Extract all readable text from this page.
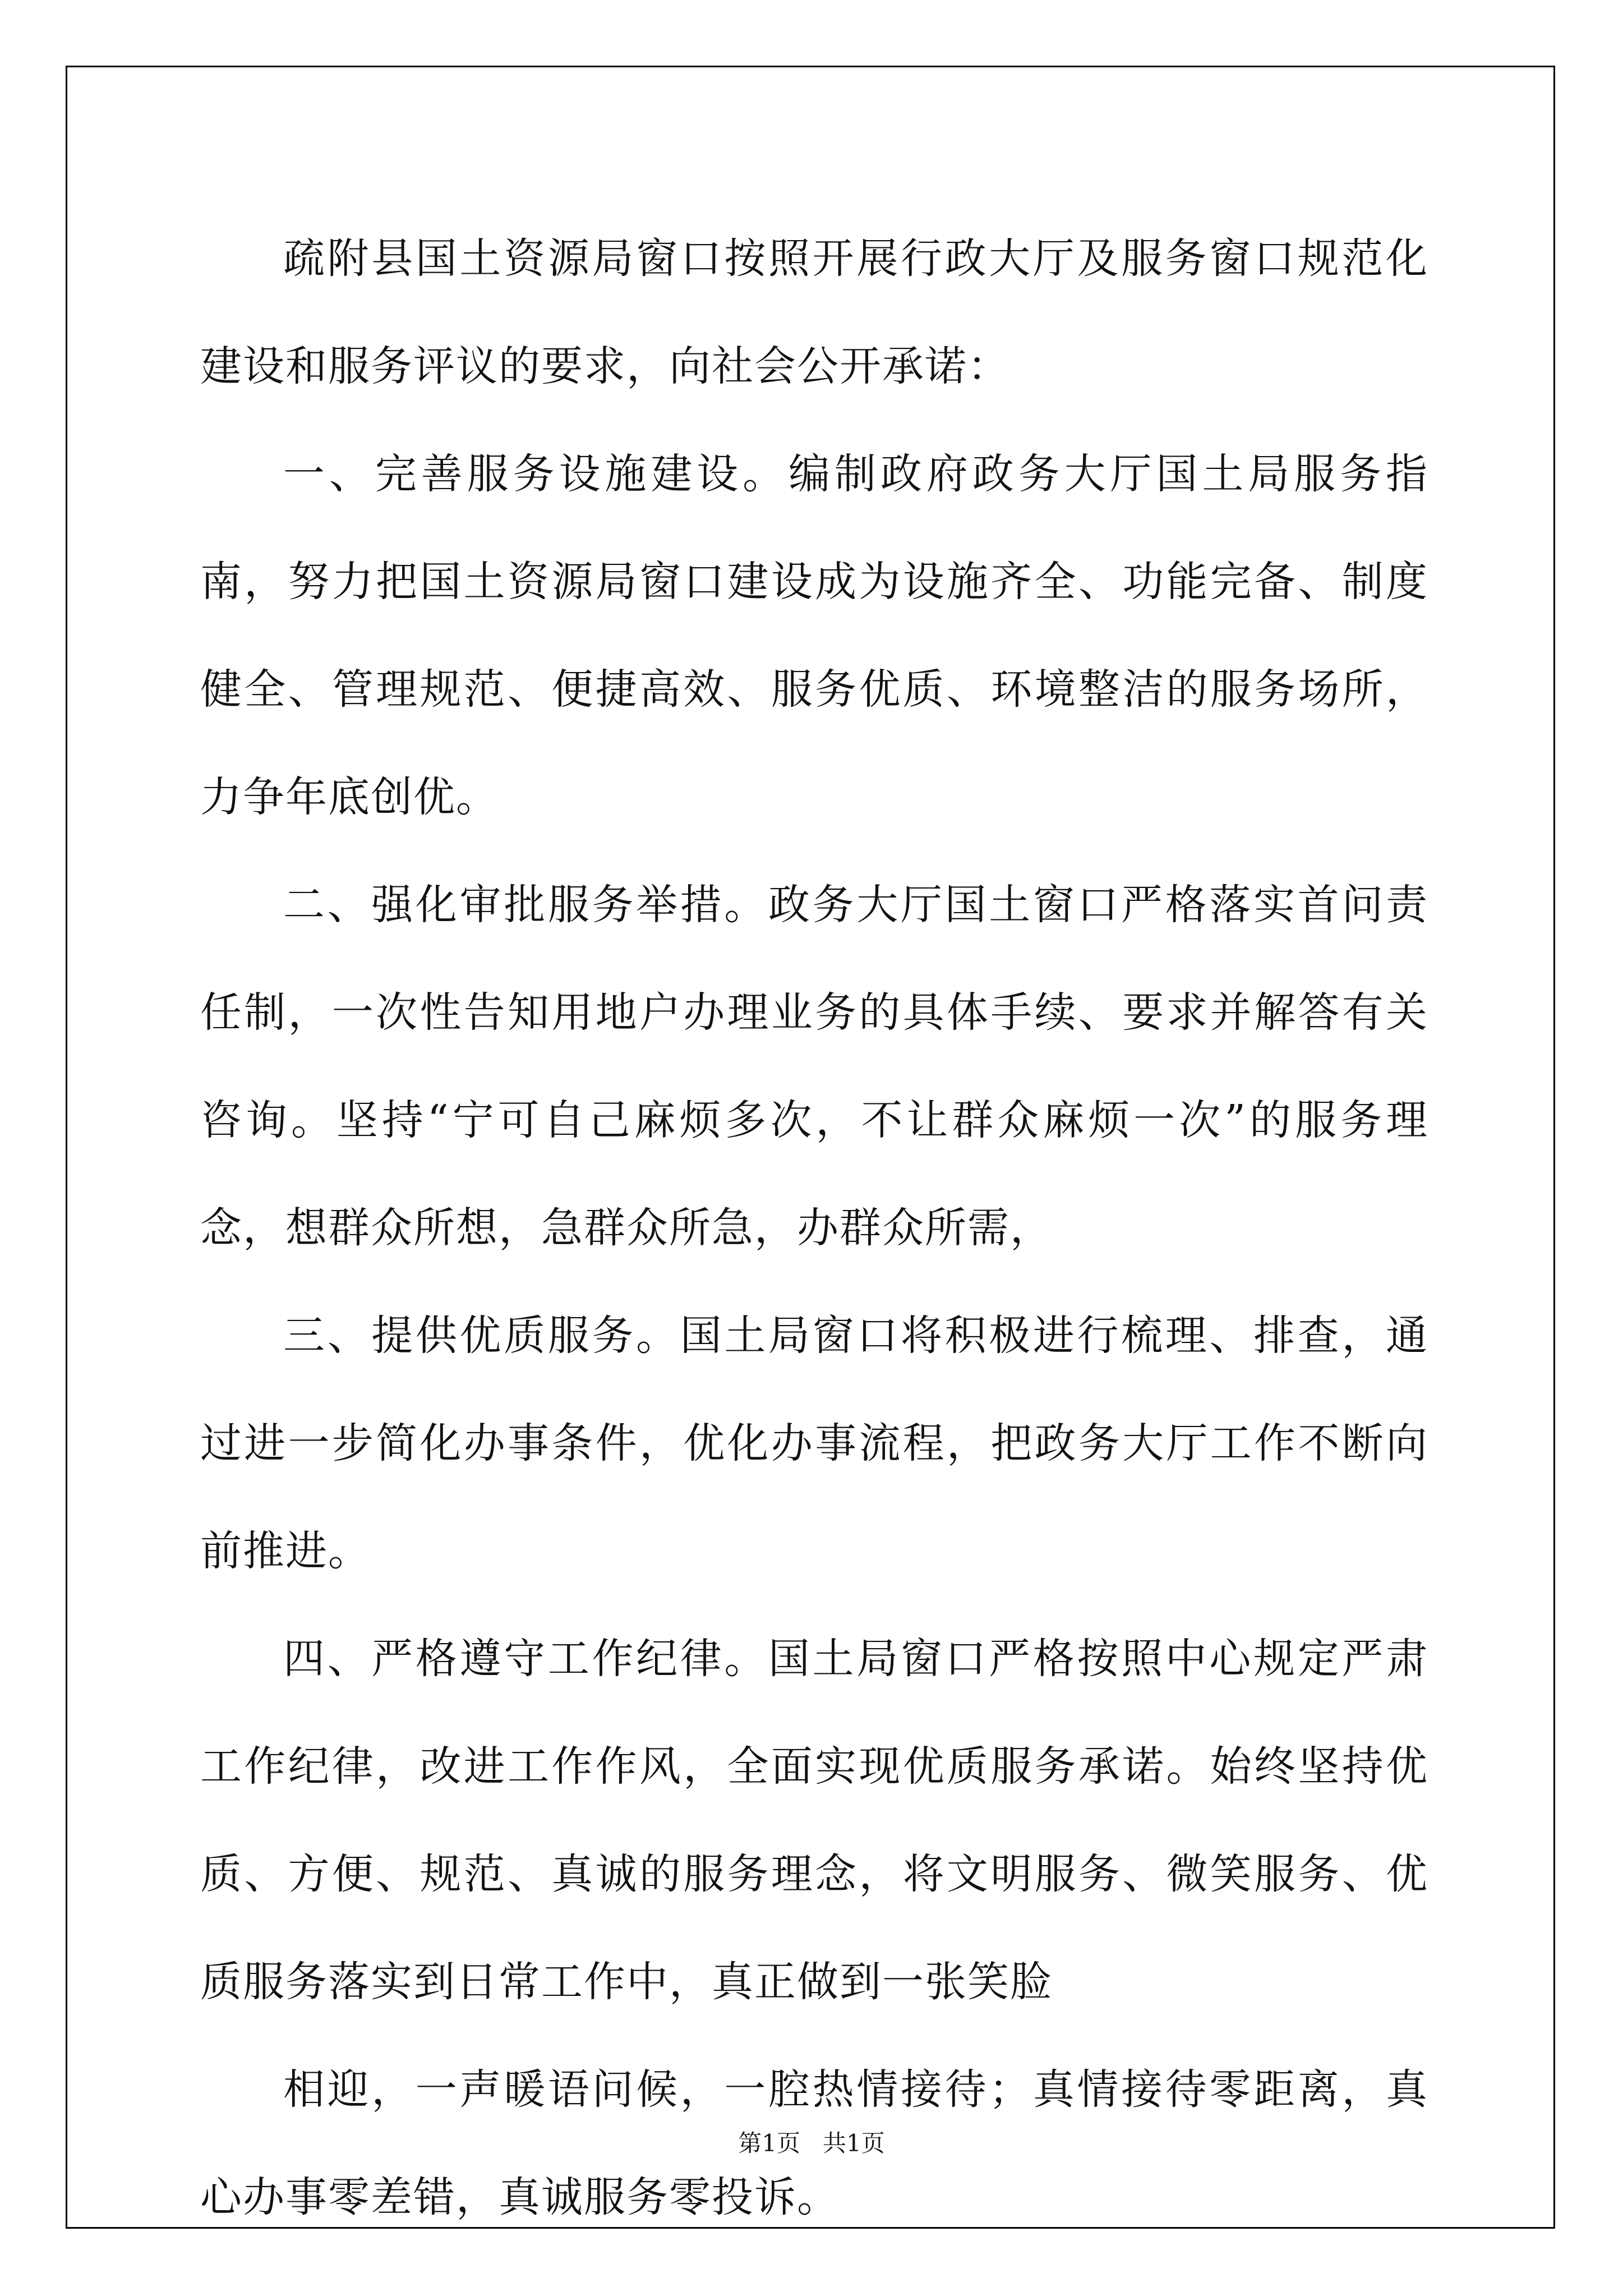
疏附县国土资源局窗口按照开展行政大厅及服务窗口规范化建设和服务评议的要求，向社会公开承诺：

一、完善服务设施建设。编制政府政务大厅国土局服务指南，努力把国土资源局窗口建设成为设施齐全、功能完备、制度健全、管理规范、便捷高效、服务优质、环境整洁的服务场所，力争年底创优。

二、强化审批服务举措。政务大厅国土窗口严格落实首问责任制，一次性告知用地户办理业务的具体手续、要求并解答有关咨询。坚持“宁可自己麻烦多次，不让群众麻烦一次”的服务理念，想群众所想，急群众所急，办群众所需，

三、提供优质服务。国土局窗口将积极进行梳理、排查，通过进一步简化办事条件，优化办事流程，把政务大厅工作不断向前推进。

四、严格遵守工作纪律。国土局窗口严格按照中心规定严肃工作纪律，改进工作作风，全面实现优质服务承诺。始终坚持优质、方便、规范、真诚的服务理念，将文明服务、微笑服务、优质服务落实到日常工作中，真正做到一张笑脸

相迎，一声暖语问候，一腔热情接待；真情接待零距离，真心办事零差错，真诚服务零投诉。

第1页   共1页
